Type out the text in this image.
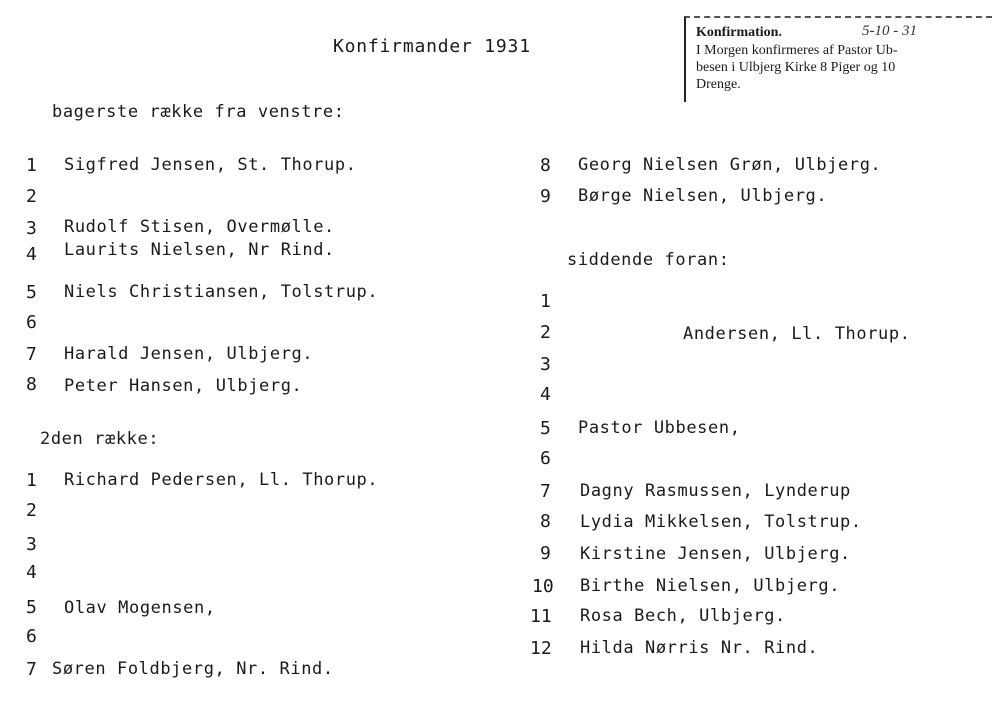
Konfirmander 1931
Konfirmation.	5-10 - 31
I Morgen konfirmeres af Pastor Ub-
besen i Ulbjerg Kirke 8 Piger og 10
Drenge.
bagerste række fra venstre:
1 Sigfred Jensen, St. Thorup.
2
3 Rudolf Stisen, Overmølle.
4 Laurits Nielsen, Nr Rind.
5 Niels Christiansen, Tolstrup.
6
7 Harald Jensen, Ulbjerg.
8 Peter Hansen, Ulbjerg.
2den række:
1 Richard Pedersen, Ll. Thorup.
2
3
4
5 Olav Mogensen,
6
7 Søren Foldbjerg, Nr. Rind.
8 Georg Nielsen Grøn, Ulbjerg.
9 Børge Nielsen, Ulbjerg.
siddende foran:
1
2	Andersen, Ll. Thorup.
3
4
5 Pastor Ubbesen,
6
7 Dagny Rasmussen, Lynderup
8 Lydia Mikkelsen, Tolstrup.
9 Kirstine Jensen, Ulbjerg.
10 Birthe Nielsen, Ulbjerg.
11 Rosa Bech, Ulbjerg.
12 Hilda Nørris Nr. Rind.
